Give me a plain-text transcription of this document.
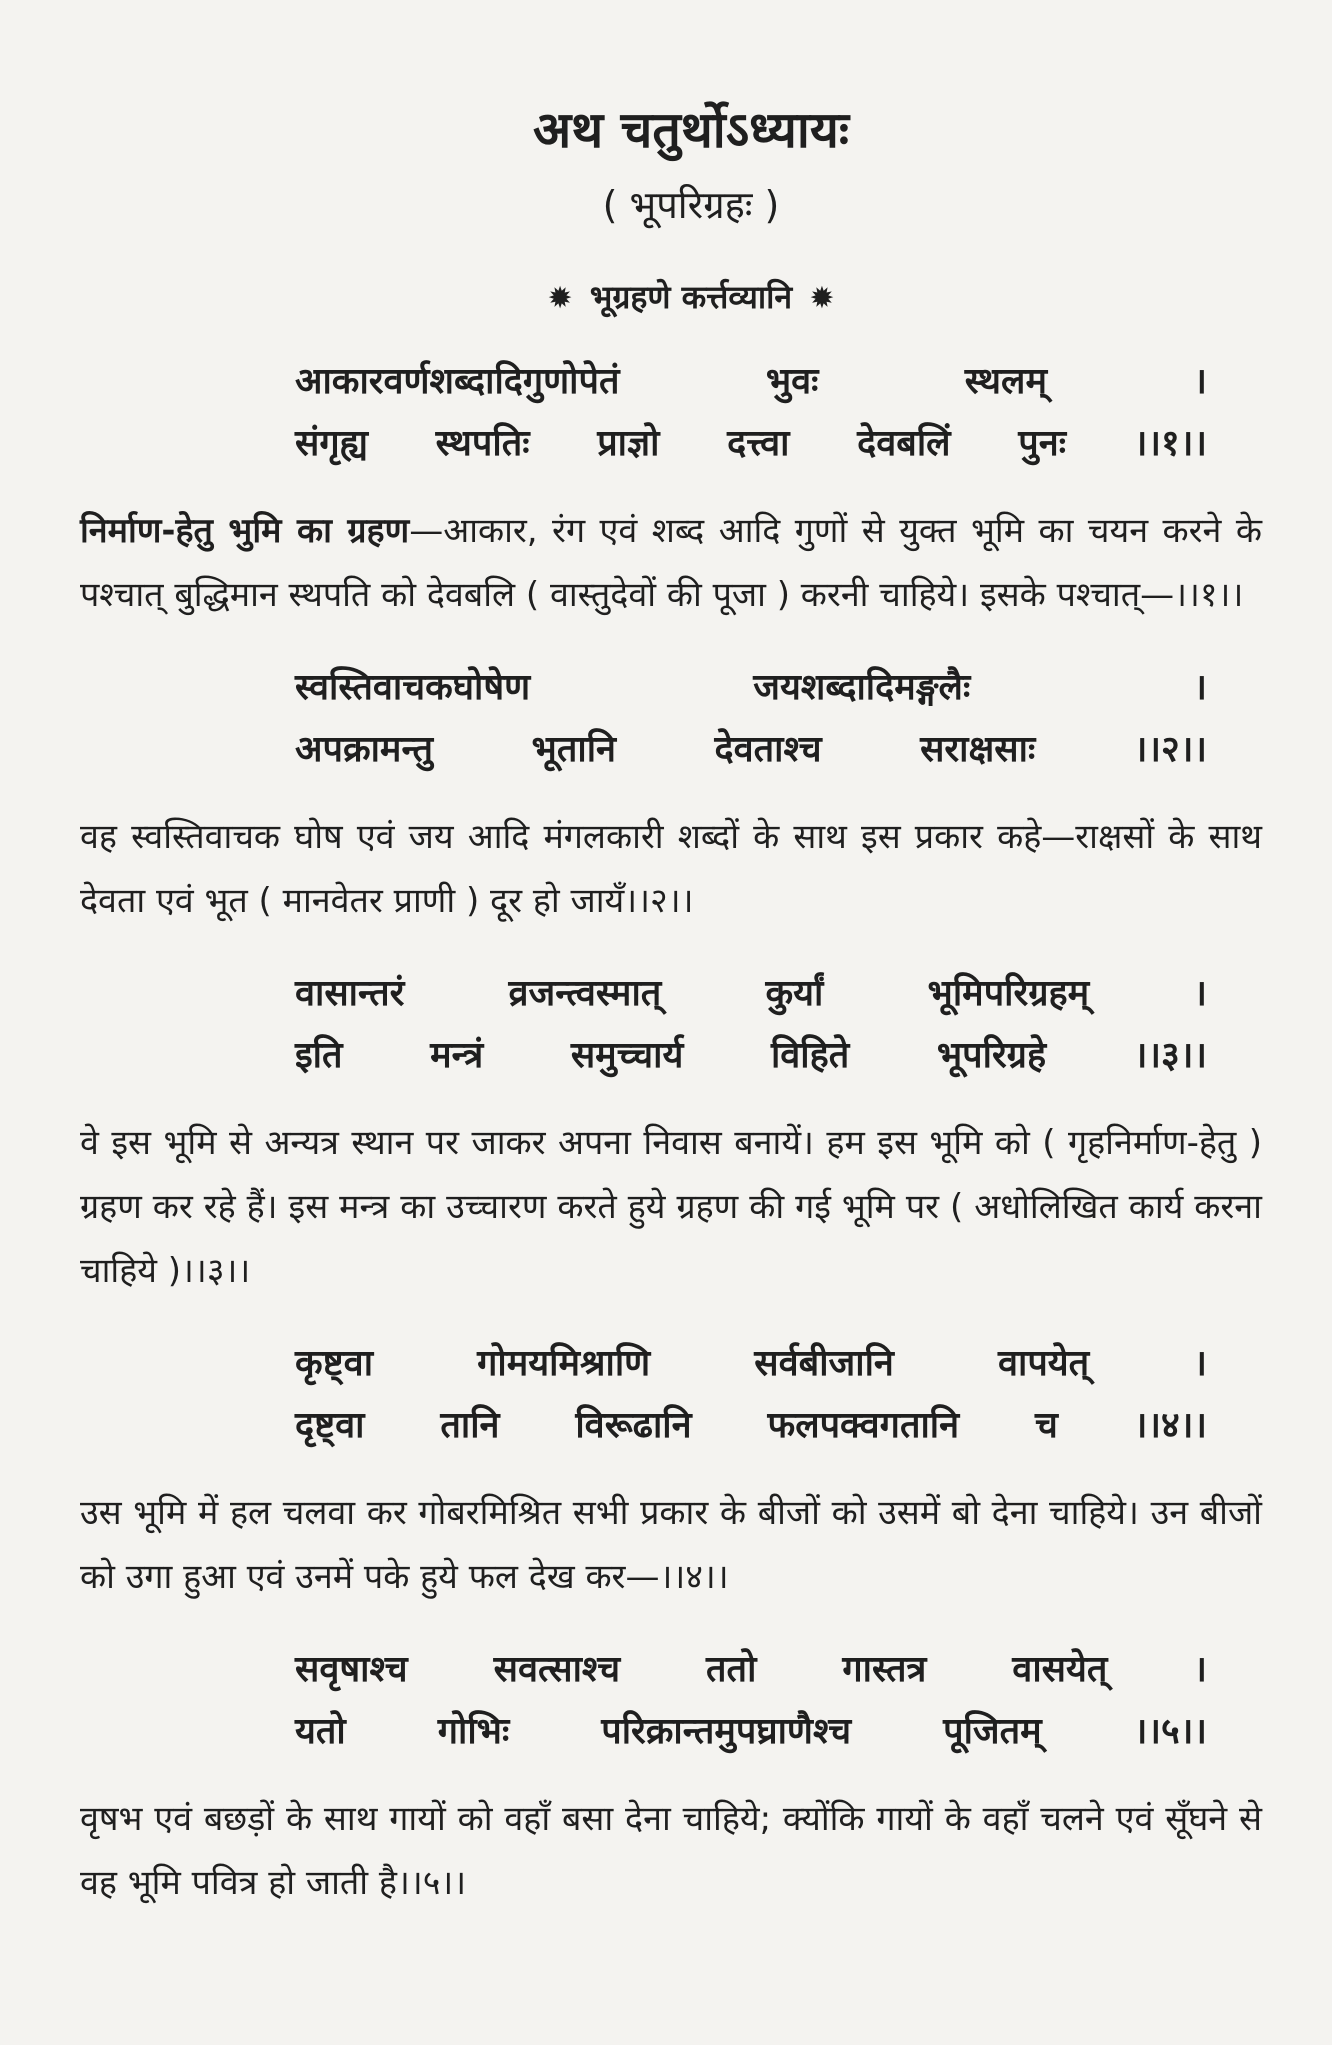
अथ चतुर्थोऽध्यायः
( भूपरिग्रहः )
✹ भूग्रहणे कर्त्तव्यानि ✹
आकारवर्णशब्दादिगुणोपेतं भुवः स्थलम् ।
संगृह्य स्थपतिः प्राज्ञो दत्त्वा देवबलिं पुनः ।।१।।

निर्माण-हेतु भुमि का ग्रहण—आकार, रंग एवं शब्द आदि गुणों से युक्त भूमि का चयन करने के पश्चात् बुद्धिमान स्थपति को देवबलि ( वास्तुदेवों की पूजा ) करनी चाहिये। इसके पश्चात्—।।१।।

स्वस्तिवाचकघोषेण जयशब्दादिमङ्गलैः ।
अपक्रामन्तु भूतानि देवताश्च सराक्षसाः ।।२।।

वह स्वस्तिवाचक घोष एवं जय आदि मंगलकारी शब्दों के साथ इस प्रकार कहे—राक्षसों के साथ देवता एवं भूत ( मानवेतर प्राणी ) दूर हो जायँ।।२।।

वासान्तरं व्रजन्त्वस्मात् कुर्यां भूमिपरिग्रहम् ।
इति मन्त्रं समुच्चार्य विहिते भूपरिग्रहे ।।३।।

वे इस भूमि से अन्यत्र स्थान पर जाकर अपना निवास बनायें। हम इस भूमि को ( गृहनिर्माण-हेतु ) ग्रहण कर रहे हैं। इस मन्त्र का उच्चारण करते हुये ग्रहण की गई भूमि पर ( अधोलिखित कार्य करना चाहिये )।।३।।

कृष्ट्वा गोमयमिश्राणि सर्वबीजानि वापयेत् ।
दृष्ट्वा तानि विरूढानि फलपक्वगतानि च ।।४।।

उस भूमि में हल चलवा कर गोबरमिश्रित सभी प्रकार के बीजों को उसमें बो देना चाहिये। उन बीजों को उगा हुआ एवं उनमें पके हुये फल देख कर—।।४।।

सवृषाश्च सवत्साश्च ततो गास्तत्र वासयेत् ।
यतो गोभिः परिक्रान्तमुपघ्राणैश्च पूजितम् ।।५।।

वृषभ एवं बछड़ों के साथ गायों को वहाँ बसा देना चाहिये; क्योंकि गायों के वहाँ चलने एवं सूँघने से वह भूमि पवित्र हो जाती है।।५।।
